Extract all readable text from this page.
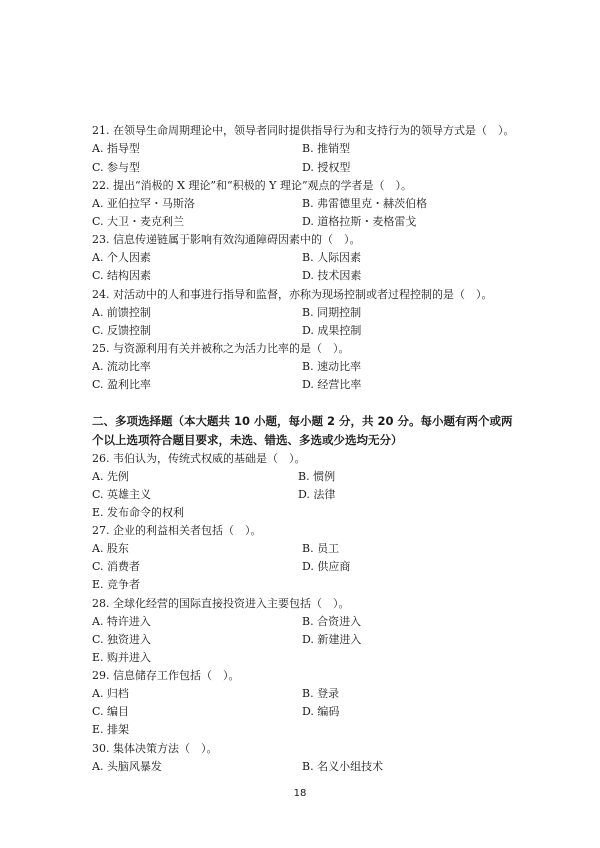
21. 在领导生命周期理论中，领导者同时提供指导行为和支持行为的领导方式是（　）。
A. 指导型	B. 推销型
C. 参与型	D. 授权型
22. 提出“消极的 X 理论”和“积极的 Y 理论”观点的学者是（　）。
A. 亚伯拉罕・马斯洛	B. 弗雷德里克・赫茨伯格
C. 大卫・麦克利兰	D. 道格拉斯・麦格雷戈
23. 信息传递链属于影响有效沟通障碍因素中的（　）。
A. 个人因素	B. 人际因素
C. 结构因素	D. 技术因素
24. 对活动中的人和事进行指导和监督，亦称为现场控制或者过程控制的是（　）。
A. 前馈控制	B. 同期控制
C. 反馈控制	D. 成果控制
25. 与资源利用有关并被称之为活力比率的是（　）。
A. 流动比率	B. 速动比率
C. 盈利比率	D. 经营比率
二、多项选择题（本大题共 10 小题，每小题 2 分，共 20 分。每小题有两个或两个以上选项符合题目要求，未选、错选、多选或少选均无分）
26. 韦伯认为，传统式权威的基础是（　）。
A. 先例	B. 惯例
C. 英雄主义	D. 法律
E. 发布命令的权利
27. 企业的利益相关者包括（　）。
A. 股东	B. 员工
C. 消费者	D. 供应商
E. 竞争者
28. 全球化经营的国际直接投资进入主要包括（　）。
A. 特许进入	B. 合资进入
C. 独资进入	D. 新建进入
E. 购并进入
29. 信息储存工作包括（　）。
A. 归档	B. 登录
C. 编目	D. 编码
E. 排架
30. 集体决策方法（　）。
A. 头脑风暴发	B. 名义小组技术
18
